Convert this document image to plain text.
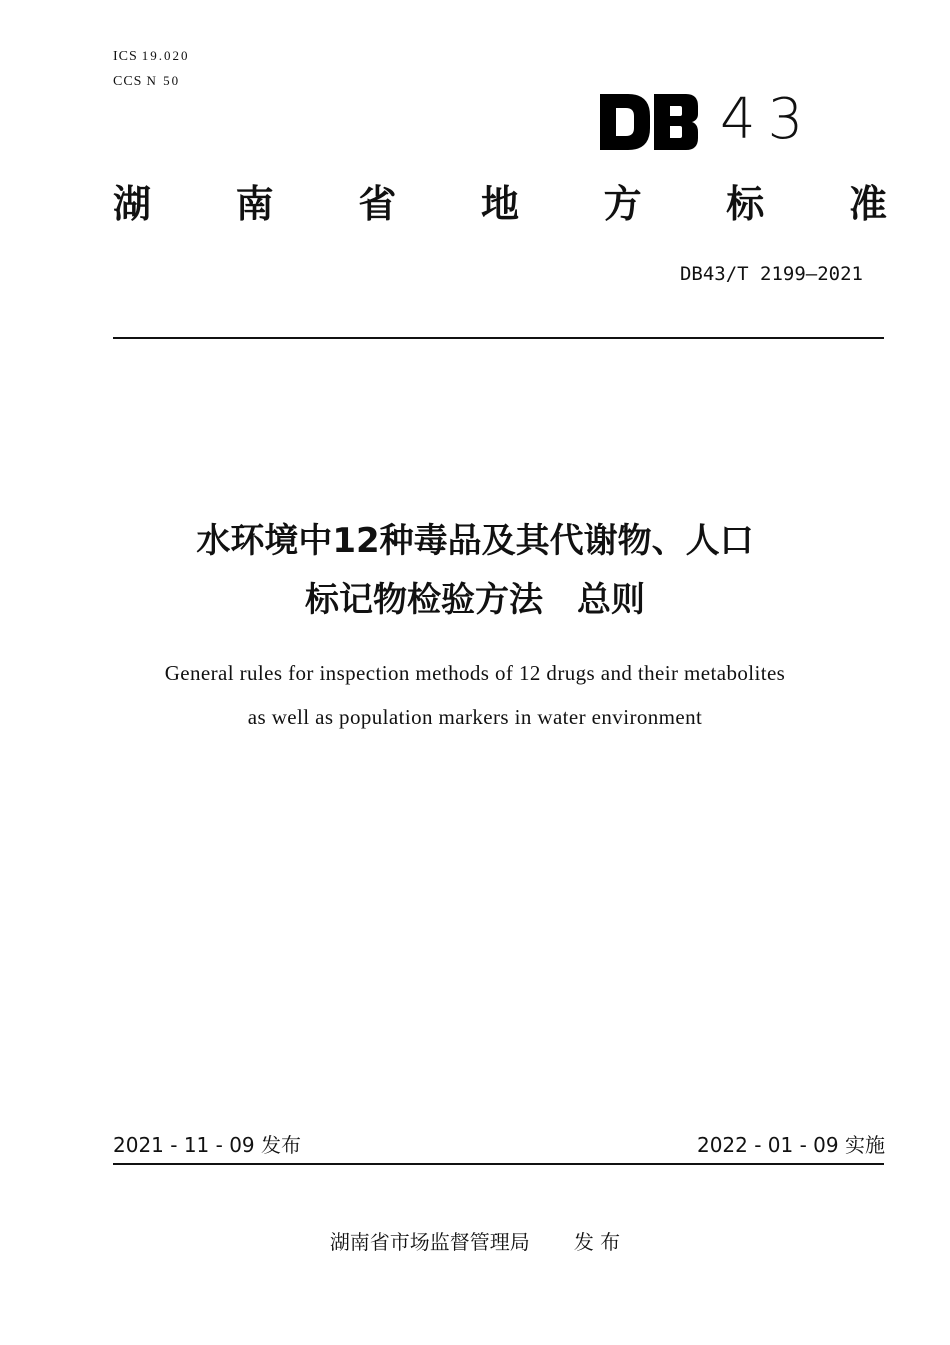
ICS 19.020
CCS N 50
43
湖 南 省 地 方 标 准
DB43/T 2199—2021
水环境中12种毒品及其代谢物、人口
标记物检验方法　总则
General rules for inspection methods of 12 drugs and their metabolites
as well as population markers in water environment
2021 - 11 - 09 发布	2022 - 01 - 09 实施
湖南省市场监督管理局 发 布
